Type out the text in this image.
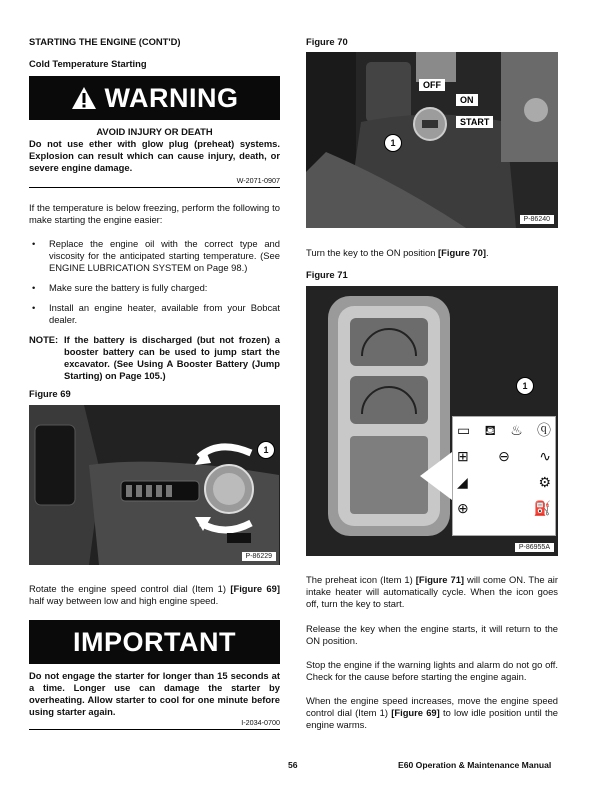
STARTING THE ENGINE (CONT'D)
Cold Temperature Starting
WARNING
AVOID INJURY OR DEATH
Do not use ether with glow plug (preheat) systems. Explosion can result which can cause injury, death, or severe engine damage.
W-2071-0907
If the temperature is below freezing, perform the following to make starting the engine easier:
• Replace the engine oil with the correct type and viscosity for the anticipated starting temperature. (See ENGINE LUBRICATION SYSTEM on Page 98.)
• Make sure the battery is fully charged:
• Install an engine heater, available from your Bobcat dealer.
NOTE: If the battery is discharged (but not frozen) a booster battery can be used to jump start the excavator. (See Using A Booster Battery (Jump Starting) on Page 105.)
Figure 69
1
P-86229
Rotate the engine speed control dial (Item 1) [Figure 69] half way between low and high engine speed.
IMPORTANT
Do not engage the starter for longer than 15 seconds at a time. Longer use can damage the starter by overheating. Allow starter to cool for one minute before using starter again.
I-2034-0700
Figure 70
OFF
ON
START
1
P-86240
Turn the key to the ON position [Figure 70].
Figure 71
▭ ⛾ ♨ ⓠ
⊞ ⊖ ∿
◢	⚙
⊕	⛽
1
P-86955A
The preheat icon (Item 1) [Figure 71] will come ON. The air intake heater will automatically cycle. When the icon goes off, turn the key to start.
Release the key when the engine starts, it will return to the ON position.
Stop the engine if the warning lights and alarm do not go off. Check for the cause before starting the engine again.
When the engine speed increases, move the engine speed control dial (Item 1) [Figure 69] to low idle position until the engine warms.
56	E60 Operation & Maintenance Manual
